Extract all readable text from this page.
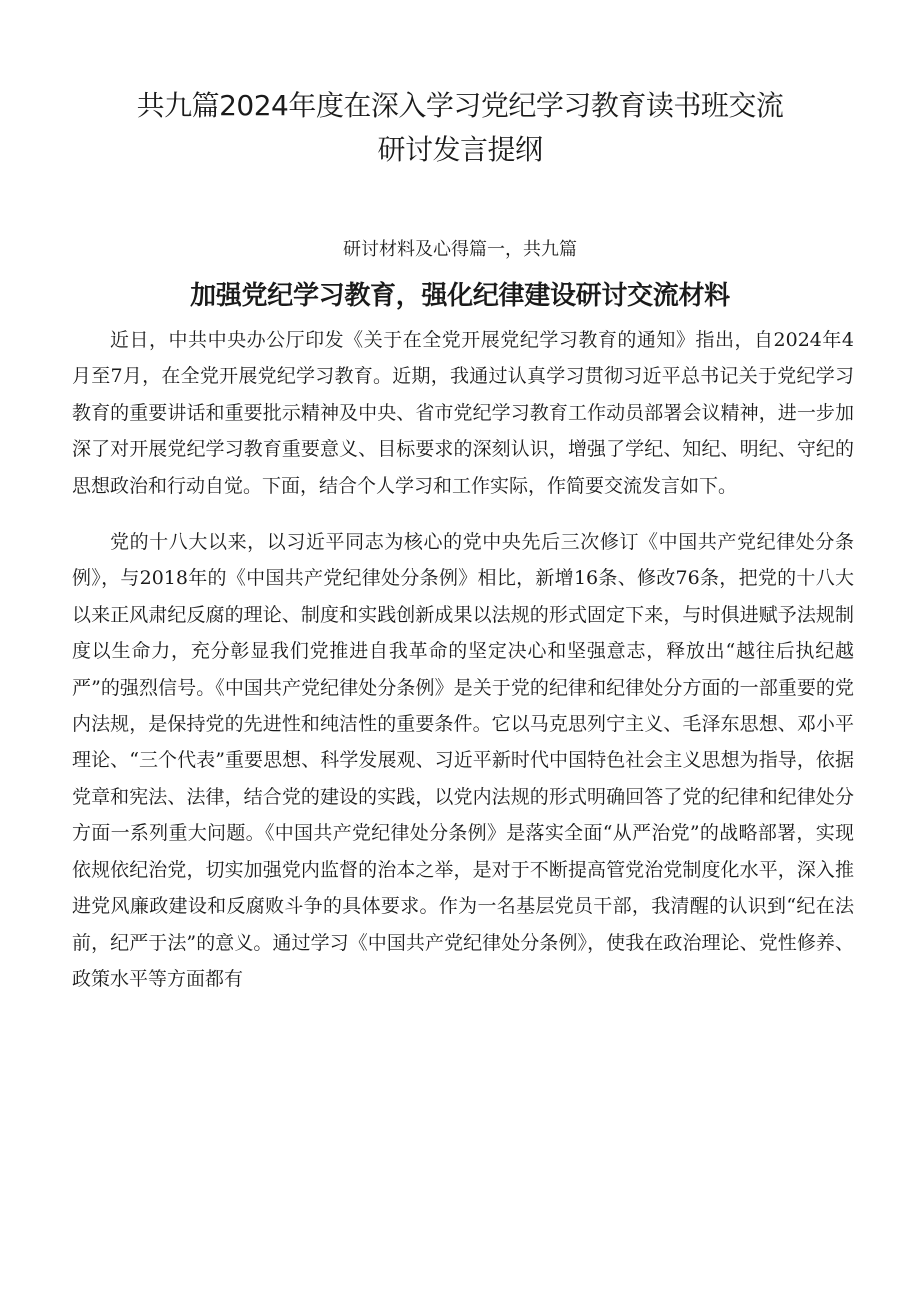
共九篇2024年度在深入学习党纪学习教育读书班交流
研讨发言提纲

研讨材料及心得篇一，共九篇

加强党纪学习教育，强化纪律建设研讨交流材料

近日，中共中央办公厅印发《关于在全党开展党纪学习教育的通知》指出，自2024年4月至7月，在全党开展党纪学习教育。近期，我通过认真学习贯彻习近平总书记关于党纪学习教育的重要讲话和重要批示精神及中央、省市党纪学习教育工作动员部署会议精神，进一步加深了对开展党纪学习教育重要意义、目标要求的深刻认识，增强了学纪、知纪、明纪、守纪的思想政治和行动自觉。下面，结合个人学习和工作实际，作简要交流发言如下。

党的十八大以来，以习近平同志为核心的党中央先后三次修订《中国共产党纪律处分条例》，与2018年的《中国共产党纪律处分条例》相比，新增16条、修改76条，把党的十八大以来正风肃纪反腐的理论、制度和实践创新成果以法规的形式固定下来，与时俱进赋予法规制度以生命力，充分彰显我们党推进自我革命的坚定决心和坚强意志，释放出“越往后执纪越严”的强烈信号。《中国共产党纪律处分条例》是关于党的纪律和纪律处分方面的一部重要的党内法规，是保持党的先进性和纯洁性的重要条件。它以马克思列宁主义、毛泽东思想、邓小平理论、“三个代表”重要思想、科学发展观、习近平新时代中国特色社会主义思想为指导，依据党章和宪法、法律，结合党的建设的实践，以党内法规的形式明确回答了党的纪律和纪律处分方面一系列重大问题。《中国共产党纪律处分条例》是落实全面“从严治党”的战略部署，实现依规依纪治党，切实加强党内监督的治本之举，是对于不断提高管党治党制度化水平，深入推进党风廉政建设和反腐败斗争的具体要求。作为一名基层党员干部，我清醒的认识到“纪在法前，纪严于法”的意义。通过学习《中国共产党纪律处分条例》，使我在政治理论、党性修养、政策水平等方面都有
